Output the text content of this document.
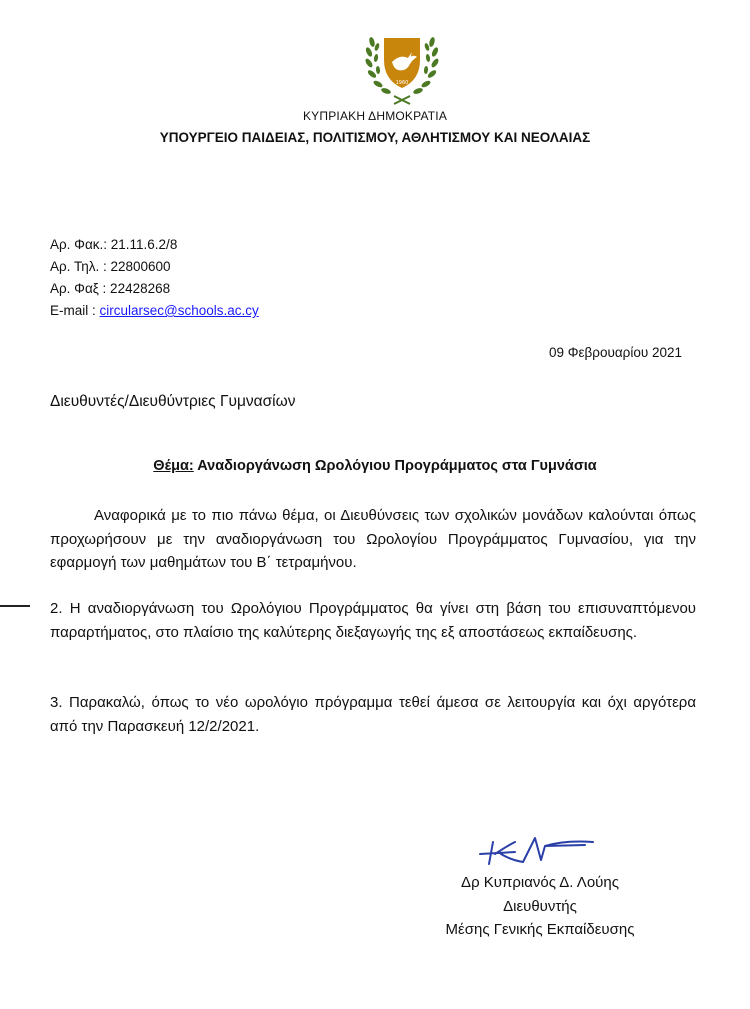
1960
ΚΥΠΡΙΑΚΗ ΔΗΜΟΚΡΑΤΙΑ
ΥΠΟΥΡΓΕΙΟ ΠΑΙΔΕΙΑΣ, ΠΟΛΙΤΙΣΜΟΥ, ΑΘΛΗΤΙΣΜΟΥ ΚΑΙ ΝΕΟΛΑΙΑΣ
Αρ. Φακ.: 21.11.6.2/8
Αρ. Τηλ. : 22800600
Αρ. Φαξ : 22428268
E-mail : circularsec@schools.ac.cy
09 Φεβρουαρίου 2021
Διευθυντές/Διευθύντριες Γυμνασίων
Θέμα: Αναδιοργάνωση Ωρολόγιου Προγράμματος στα Γυμνάσια
Αναφορικά με το πιο πάνω θέμα, οι Διευθύνσεις των σχολικών μονάδων καλούνται όπως προχωρήσουν με την αναδιοργάνωση του Ωρολογίου Προγράμματος Γυμνασίου, για την εφαρμογή των μαθημάτων του Β΄ τετραμήνου.
2. Η αναδιοργάνωση του Ωρολόγιου Προγράμματος θα γίνει στη βάση του επισυναπτόμενου παραρτήματος, στο πλαίσιο της καλύτερης διεξαγωγής της εξ αποστάσεως εκπαίδευσης.
3. Παρακαλώ, όπως το νέο ωρολόγιο πρόγραμμα τεθεί άμεσα σε λειτουργία και όχι αργότερα από την Παρασκευή 12/2/2021.
Δρ Κυπριανός Δ. Λούης
Διευθυντής
Μέσης Γενικής Εκπαίδευσης
